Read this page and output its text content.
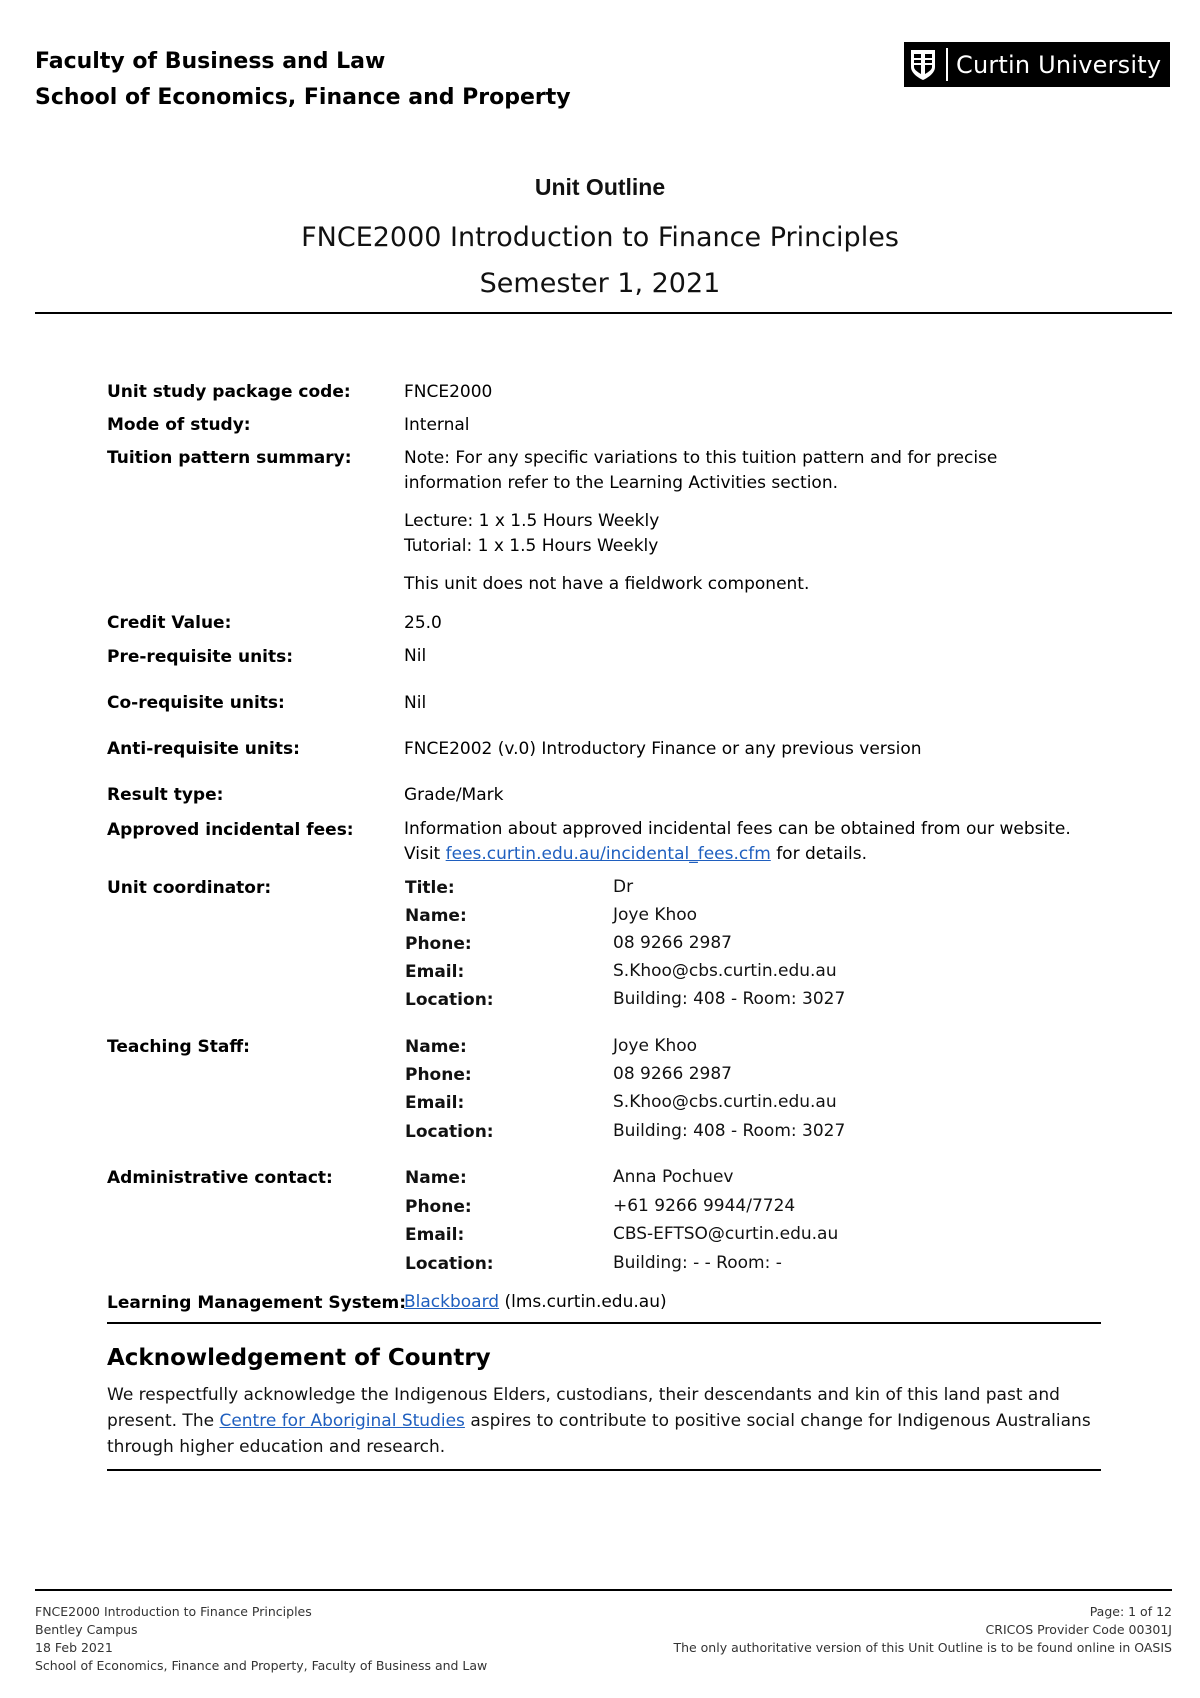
Faculty of Business and Law
School of Economics, Finance and Property
Curtin University
Unit Outline
FNCE2000 Introduction to Finance Principles
Semester 1, 2021
Unit study package code:	FNCE2000
Mode of study:	Internal
Tuition pattern summary:	Note: For any specific variations to this tuition pattern and for precise
information refer to the Learning Activities section.
Lecture: 1 x 1.5 Hours Weekly
Tutorial: 1 x 1.5 Hours Weekly
This unit does not have a fieldwork component.
Credit Value:	25.0
Pre-requisite units:	Nil
Co-requisite units:	Nil
Anti-requisite units:	FNCE2002 (v.0) Introductory Finance or any previous version
Result type:	Grade/Mark
Approved incidental fees:	Information about approved incidental fees can be obtained from our website.
Visit fees.curtin.edu.au/incidental_fees.cfm for details.
Unit coordinator:	Title:	Dr
Name:	Joye Khoo
Phone:	08 9266 2987
Email:	S.Khoo@cbs.curtin.edu.au
Location:	Building: 408 - Room: 3027
Teaching Staff:	Name:	Joye Khoo
Phone:	08 9266 2987
Email:	S.Khoo@cbs.curtin.edu.au
Location:	Building: 408 - Room: 3027
Administrative contact:	Name:	Anna Pochuev
Phone:	+61 9266 9944/7724
Email:	CBS-EFTSO@curtin.edu.au
Location:	Building: - - Room: -
Learning Management System:
Blackboard (lms.curtin.edu.au)
Acknowledgement of Country
We respectfully acknowledge the Indigenous Elders, custodians, their descendants and kin of this land past and present. The Centre for Aboriginal Studies aspires to contribute to positive social change for Indigenous Australians through higher education and research.
FNCE2000 Introduction to Finance Principles
Bentley Campus
18 Feb 2021
School of Economics, Finance and Property, Faculty of Business and Law
Page: 1 of 12
CRICOS Provider Code 00301J
The only authoritative version of this Unit Outline is to be found online in OASIS
